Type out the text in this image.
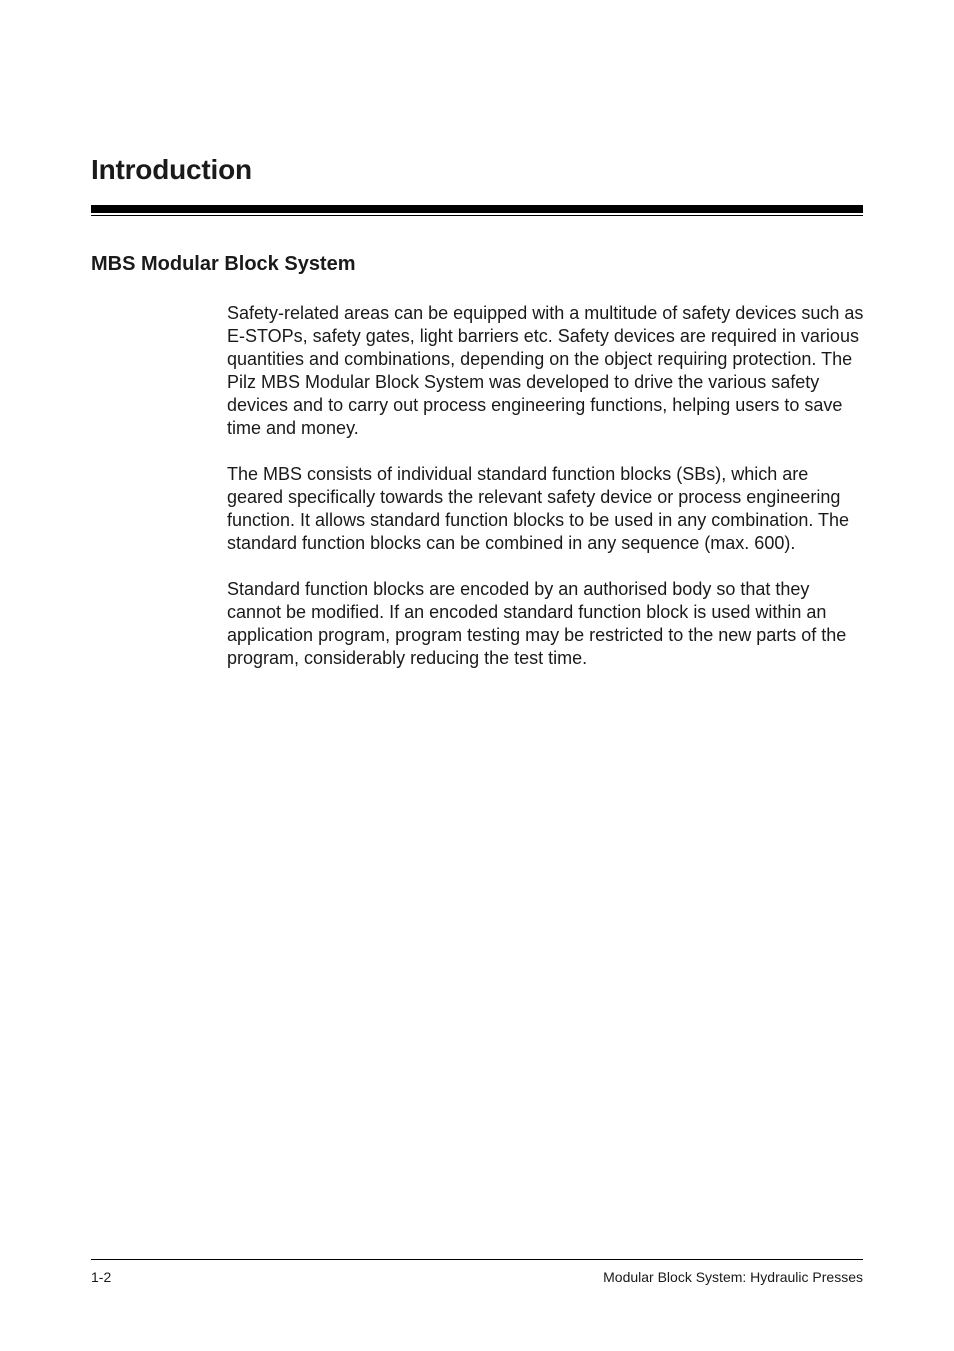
Introduction
MBS Modular Block System

Safety-related areas can be equipped with a multitude of safety devices such as E-STOPs, safety gates, light barriers etc. Safety devices are required in various quantities and combinations, depending on the object requiring protection. The Pilz MBS Modular Block System was developed to drive the various safety devices and to carry out process engineering functions, helping users to save time and money.

The MBS consists of individual standard function blocks (SBs), which are geared specifically towards the relevant safety device or process engineering function. It allows standard function blocks to be used in any combination. The standard function blocks can be combined in any sequence (max. 600).

Standard function blocks are encoded by an authorised body so that they cannot be modified. If an encoded standard function block is used within an application program, program testing may be restricted to the new parts of the program, considerably reducing the test time.

1-2	Modular Block System: Hydraulic Presses
